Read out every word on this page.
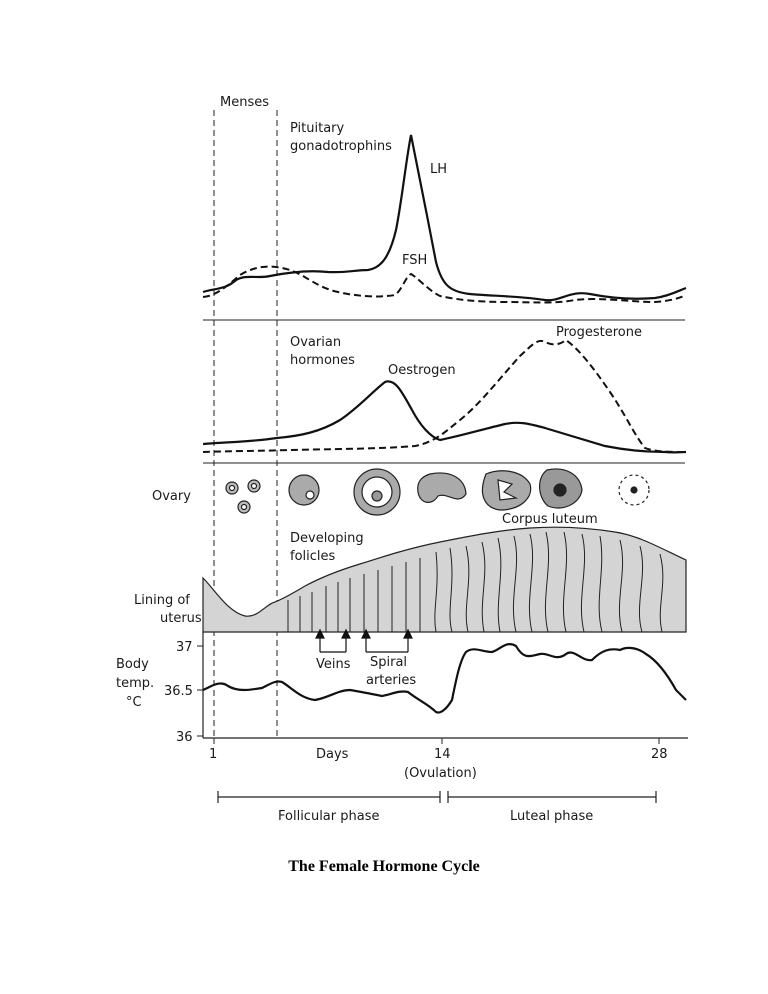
Menses
Pituitary
gonadotrophins
LH
FSH
Ovarian
hormones
Oestrogen
Progesterone
Ovary
Corpus luteum
Developing
folicles
Lining of
uterus
Veins Spiral
arteries
Body
temp.
°C
37
36.5
36
1	14	28
Days
(Ovulation)
Follicular phase	Luteal phase
The Female Hormone Cycle
